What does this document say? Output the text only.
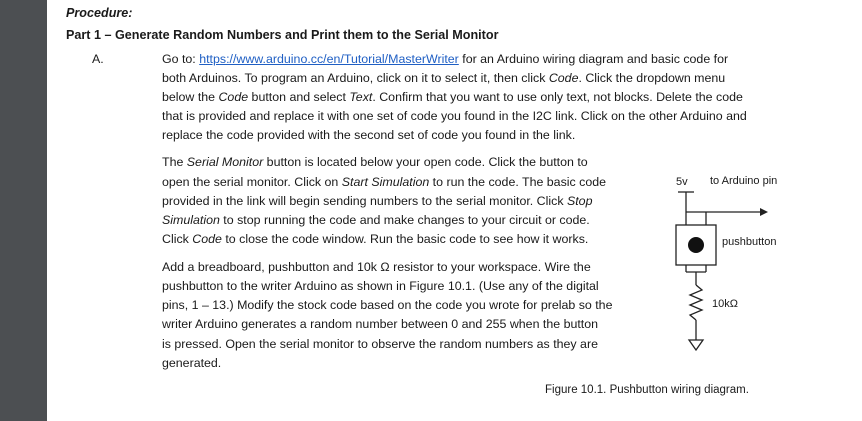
Procedure:
Part 1 – Generate Random Numbers and Print them to the Serial Monitor
A.	Go to: https://www.arduino.cc/en/Tutorial/MasterWriter for an Arduino wiring diagram and basic code for
both Arduinos. To program an Arduino, click on it to select it, then click Code. Click the dropdown menu
below the Code button and select Text. Confirm that you want to use only text, not blocks. Delete the code
that is provided and replace it with one set of code you found in the I2C link. Click on the other Arduino and
replace the code provided with the second set of code you found in the link.
The Serial Monitor button is located below your open code. Click the button to
open the serial monitor. Click on Start Simulation to run the code. The basic code
provided in the link will begin sending numbers to the serial monitor. Click Stop
Simulation to stop running the code and make changes to your circuit or code.
Click Code to close the code window. Run the basic code to see how it works.
Add a breadboard, pushbutton and 10k Ω resistor to your workspace. Wire the
pushbutton to the writer Arduino as shown in Figure 10.1. (Use any of the digital
pins, 1 – 13.) Modify the stock code based on the code you wrote for prelab so the
writer Arduino generates a random number between 0 and 255 when the button
is pressed. Open the serial monitor to observe the random numbers as they are
generated.
5v to Arduino pin
pushbutton
10kΩ
Figure 10.1. Pushbutton wiring diagram.
